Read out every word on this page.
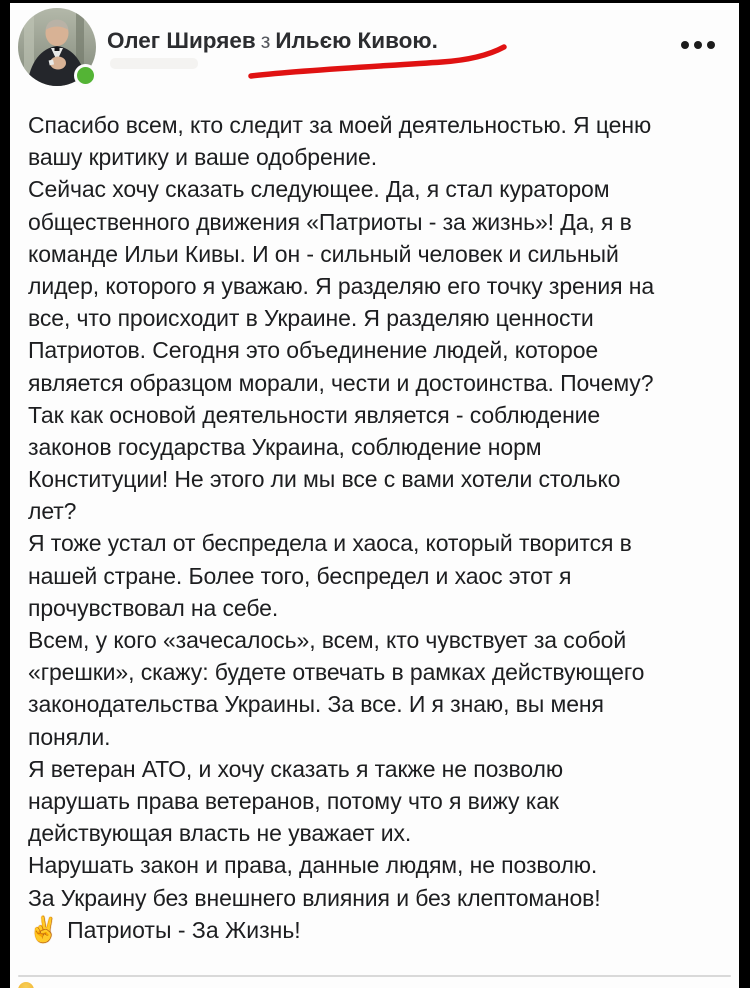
Олег Ширяев з Ильєю Кивою.
Спасибо всем, кто следит за моей деятельностью. Я ценю
вашу критику и ваше одобрение.
Сейчас хочу сказать следующее. Да, я стал куратором
общественного движения «Патриоты - за жизнь»! Да, я в
команде Ильи Кивы. И он - сильный человек и сильный
лидер, которого я уважаю. Я разделяю его точку зрения на
все, что происходит в Украине. Я разделяю ценности
Патриотов. Сегодня это объединение людей, которое
является образцом морали, чести и достоинства. Почему?
Так как основой деятельности является - соблюдение
законов государства Украина, соблюдение норм
Конституции! Не этого ли мы все с вами хотели столько
лет?
Я тоже устал от беспредела и хаоса, который творится в
нашей стране. Более того, беспредел и хаос этот я
прочувствовал на себе.
Всем, у кого «зачесалось», всем, кто чувствует за собой
«грешки», скажу: будете отвечать в рамках действующего
законодательства Украины. За все. И я знаю, вы меня
поняли.
Я ветеран АТО, и хочу сказать я также не позволю
нарушать права ветеранов, потому что я вижу как
действующая власть не уважает их.
Нарушать закон и права, данные людям, не позволю.
За Украину без внешнего влияния и без клептоманов!
✌ Патриоты - За Жизнь!
